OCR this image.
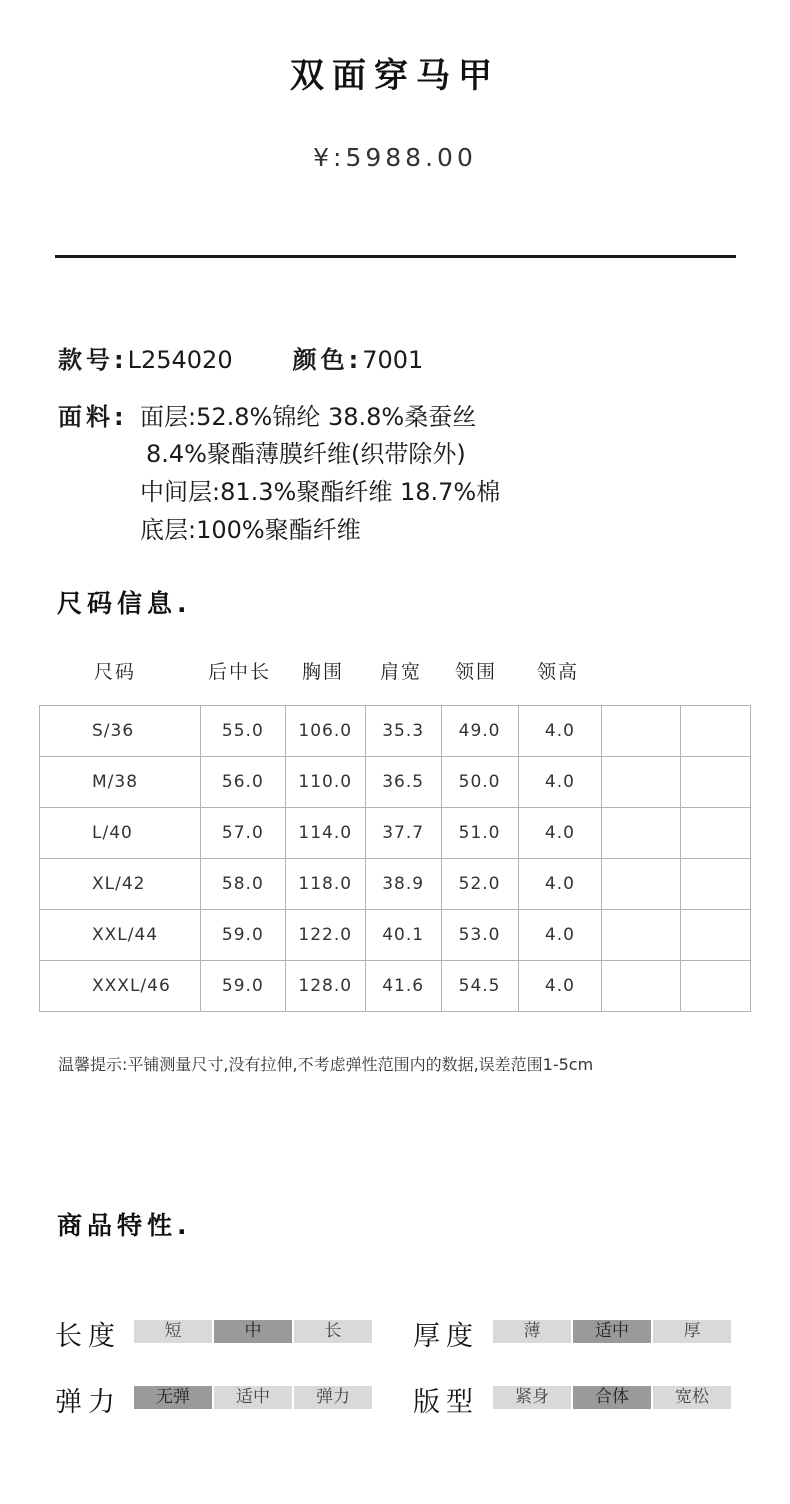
双面穿马甲
¥:5988.00
款号:L254020	颜色:7001
面料: 面层:52.8%锦纶 38.8%桑蚕丝
8.4%聚酯薄膜纤维(织带除外)
中间层:81.3%聚酯纤维 18.7%棉
底层:100%聚酯纤维
尺码信息.
尺码	后中长 胸围 肩宽 领围 领高
S/36	55.0	106.0	35.3	49.0	4.0		
M/38	56.0	110.0	36.5	50.0	4.0		
L/40	57.0	114.0	37.7	51.0	4.0		
XL/42	58.0	118.0	38.9	52.0	4.0		
XXL/44	59.0	122.0	40.1	53.0	4.0		
XXXL/46	59.0	128.0	41.6	54.5	4.0		
温馨提示:平铺测量尺寸,没有拉伸,不考虑弹性范围内的数据,误差范围1-5cm
商品特性.
长度	短	中	长	厚度	薄	适中	厚
弹力	无弹	适中	弹力	版型	紧身	合体	宽松
